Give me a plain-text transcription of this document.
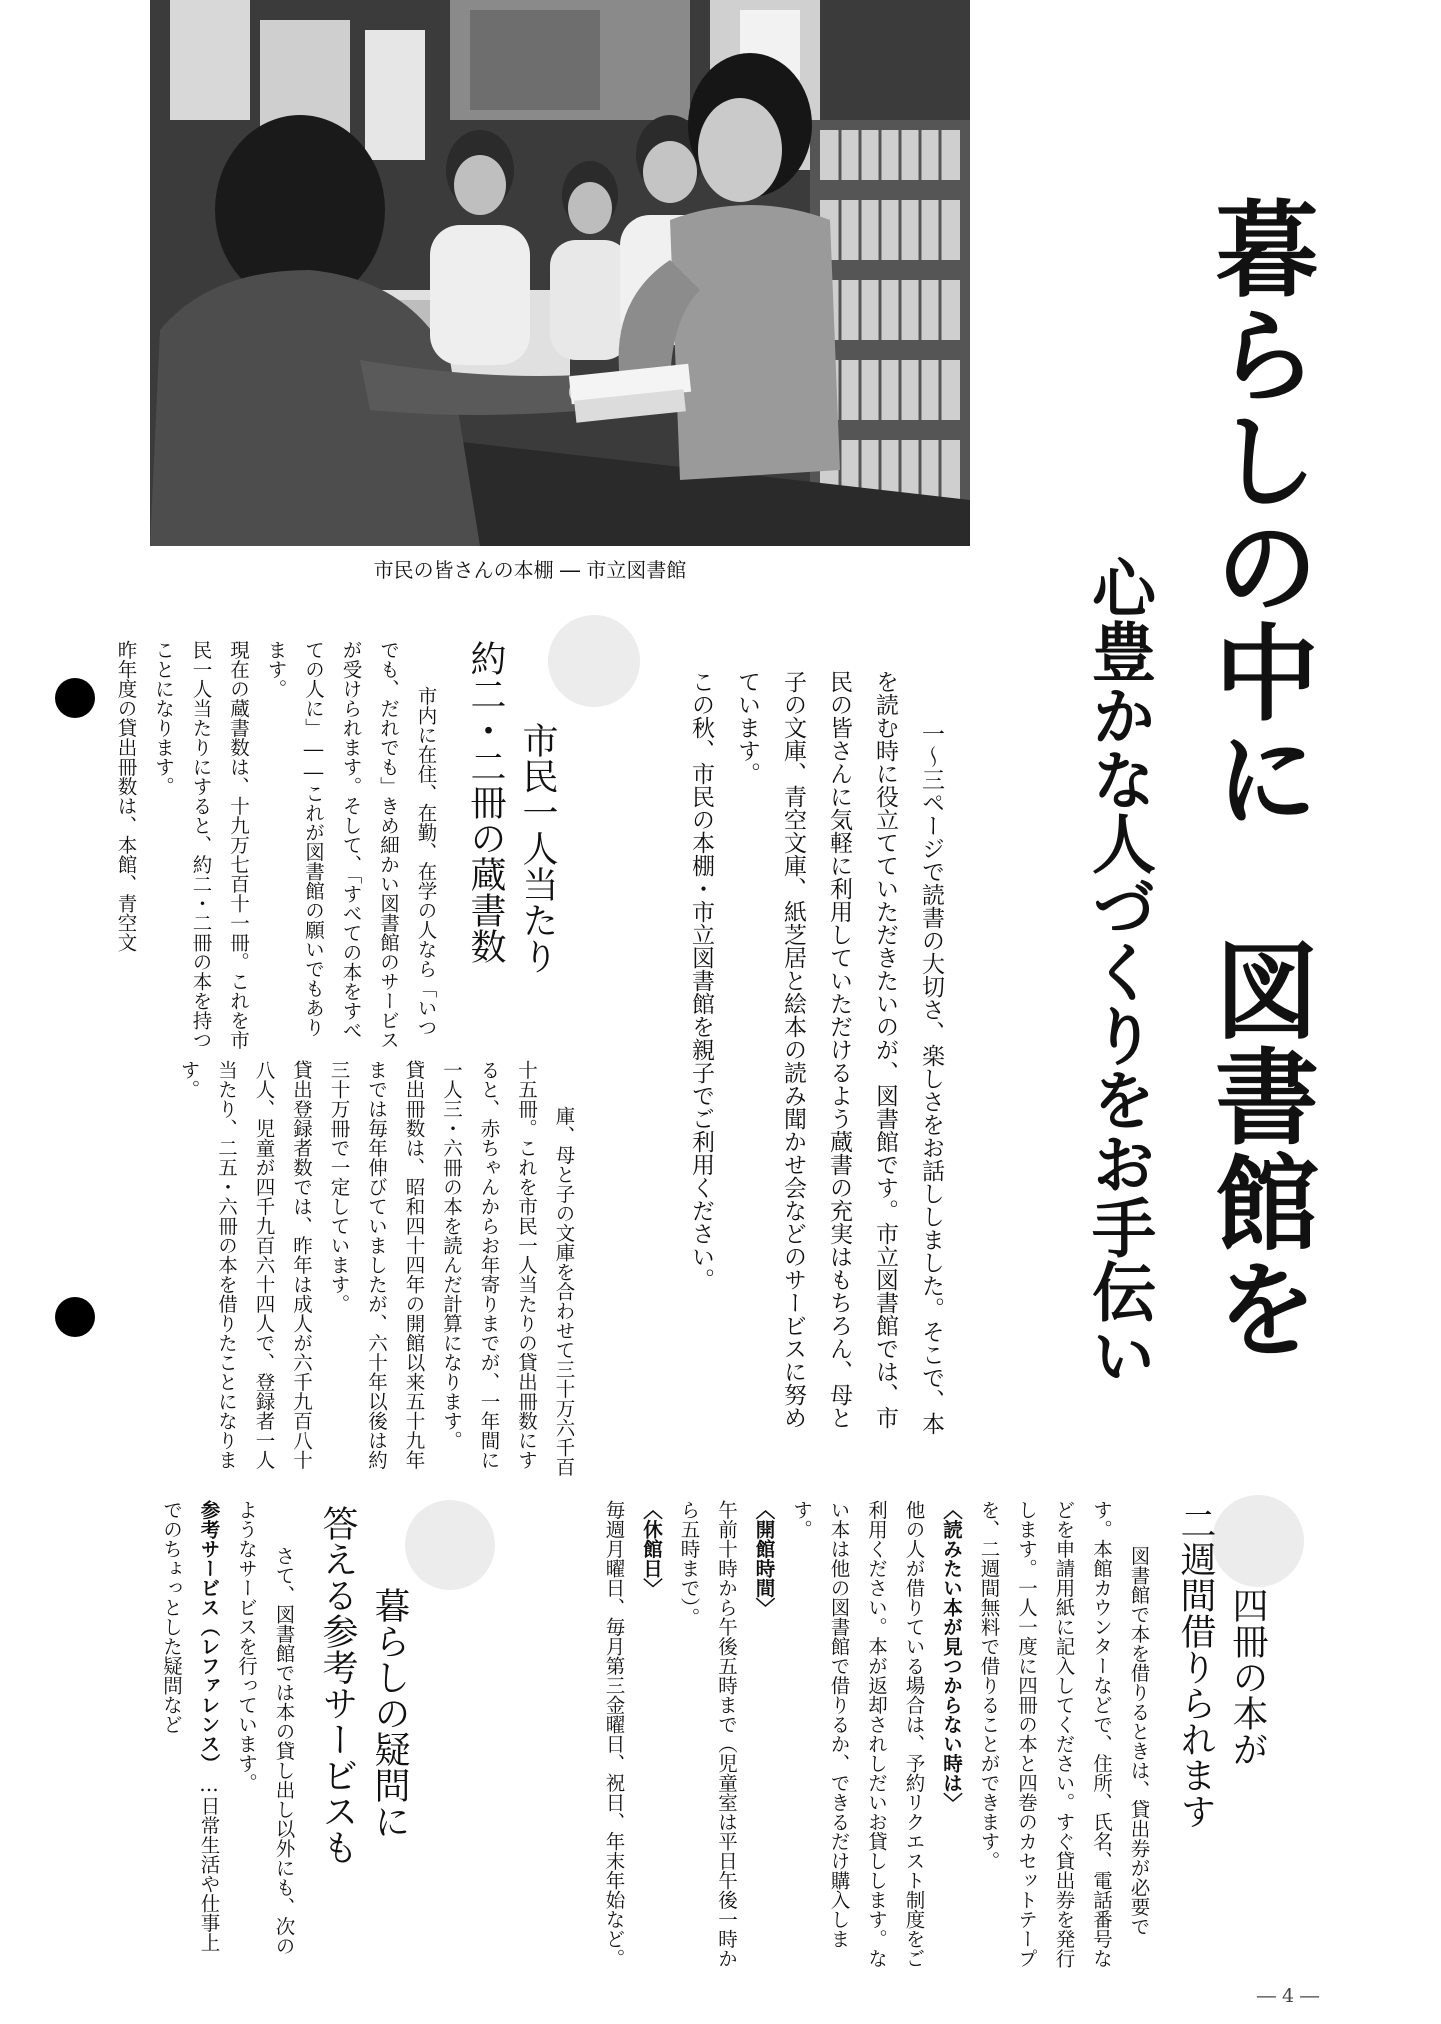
市民の皆さんの本棚 ― 市立図書館	暮らしの中に　図書館を
心豊かな人づくりをお手伝い

一～三ページで読書の大切さ、楽しさをお話ししました。そこで、本を読む時に役立てていただきたいのが、図書館です。市立図書館では、市民の皆さんに気軽に利用していただけるよう蔵書の充実はもちろん、母と子の文庫、青空文庫、紙芝居と絵本の読み聞かせ会などのサービスに努めています。
この秋、市民の本棚・市立図書館を親子でご利用ください。

市民一人当たり
約二・二冊の蔵書数

市内に在住、在勤、在学の人なら「いつでも、だれでも」きめ細かい図書館のサービスが受けられます。そして、「すべての本をすべての人に」――これが図書館の願いでもあります。
現在の蔵書数は、十九万七百十一冊。これを市民一人当たりにすると、約二・二冊の本を持つことになります。
昨年度の貸出冊数は、本館、青空文

庫、母と子の文庫を合わせて三十万六千百十五冊。これを市民一人当たりの貸出冊数にすると、赤ちゃんからお年寄りまでが、一年間に一人三・六冊の本を読んだ計算になります。
貸出冊数は、昭和四十四年の開館以来五十九年までは毎年伸びていましたが、六十年以後は約三十万冊で一定しています。
貸出登録者数では、昨年は成人が六千九百八十八人、児童が四千九百六十四人で、登録者一人当たり、二五・六冊の本を借りたことになります。

四冊の本が
二週間借りられます

図書館で本を借りるときは、貸出券が必要です。本館カウンターなどで、住所、氏名、電話番号などを申請用紙に記入してください。すぐ貸出券を発行します。一人一度に四冊の本と四巻のカセットテープを、二週間無料で借りることができます。
〈読みたい本が見つからない時は〉
他の人が借りている場合は、予約リクエスト制度をご利用ください。本が返却されしだいお貸しします。ない本は他の図書館で借りるか、できるだけ購入します。
〈開館時間〉
午前十時から午後五時まで（児童室は平日午後一時から五時まで）。
〈休館日〉
毎週月曜日、毎月第三金曜日、祝日、年末年始など。

暮らしの疑問に
答える参考サービスも

さて、図書館では本の貸し出し以外にも、次のようなサービスを行っています。
参考サービス（レファレンス）…日常生活や仕事上でのちょっとした疑問など

― 4 ―
